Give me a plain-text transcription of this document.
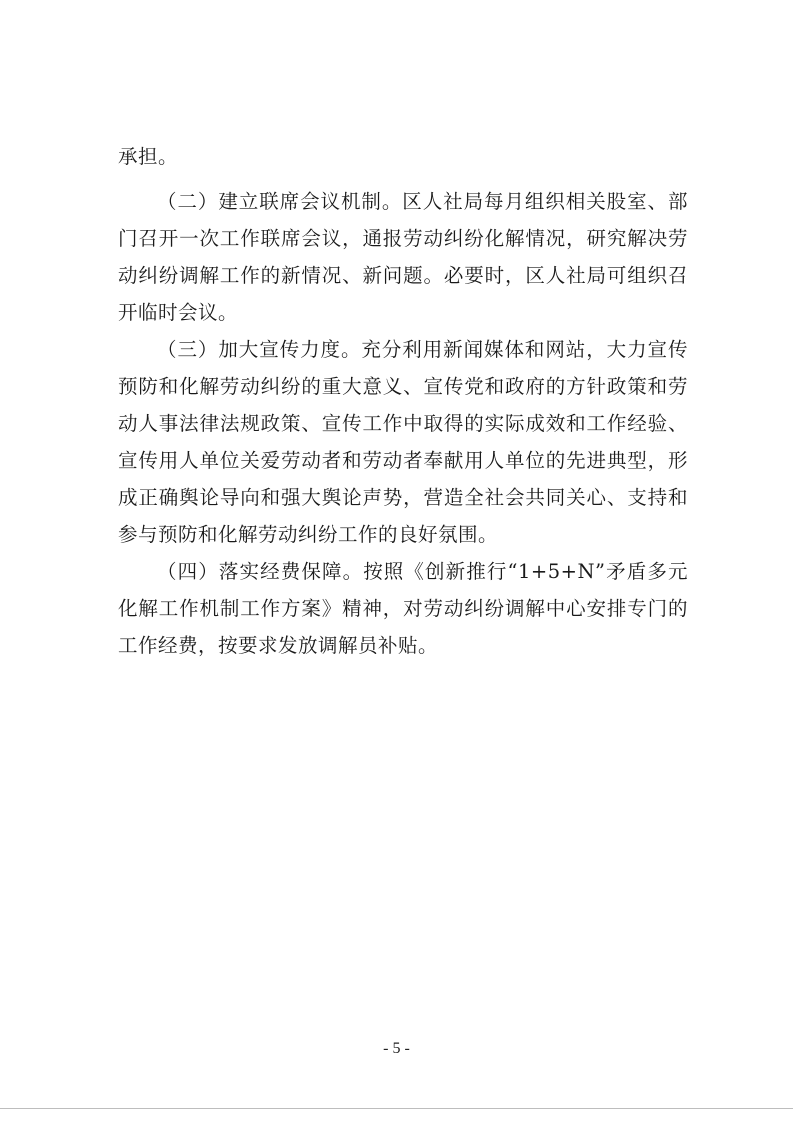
承担。
（二）建立联席会议机制。区人社局每月组织相关股室、部
门召开一次工作联席会议，通报劳动纠纷化解情况，研究解决劳
动纠纷调解工作的新情况、新问题。必要时，区人社局可组织召
开临时会议。
（三）加大宣传力度。充分利用新闻媒体和网站，大力宣传
预防和化解劳动纠纷的重大意义、宣传党和政府的方针政策和劳
动人事法律法规政策、宣传工作中取得的实际成效和工作经验、
宣传用人单位关爱劳动者和劳动者奉献用人单位的先进典型，形
成正确舆论导向和强大舆论声势，营造全社会共同关心、支持和
参与预防和化解劳动纠纷工作的良好氛围。
（四）落实经费保障。按照《创新推行“1+5+N”矛盾多元
化解工作机制工作方案》精神，对劳动纠纷调解中心安排专门的
工作经费，按要求发放调解员补贴。
- 5 -
